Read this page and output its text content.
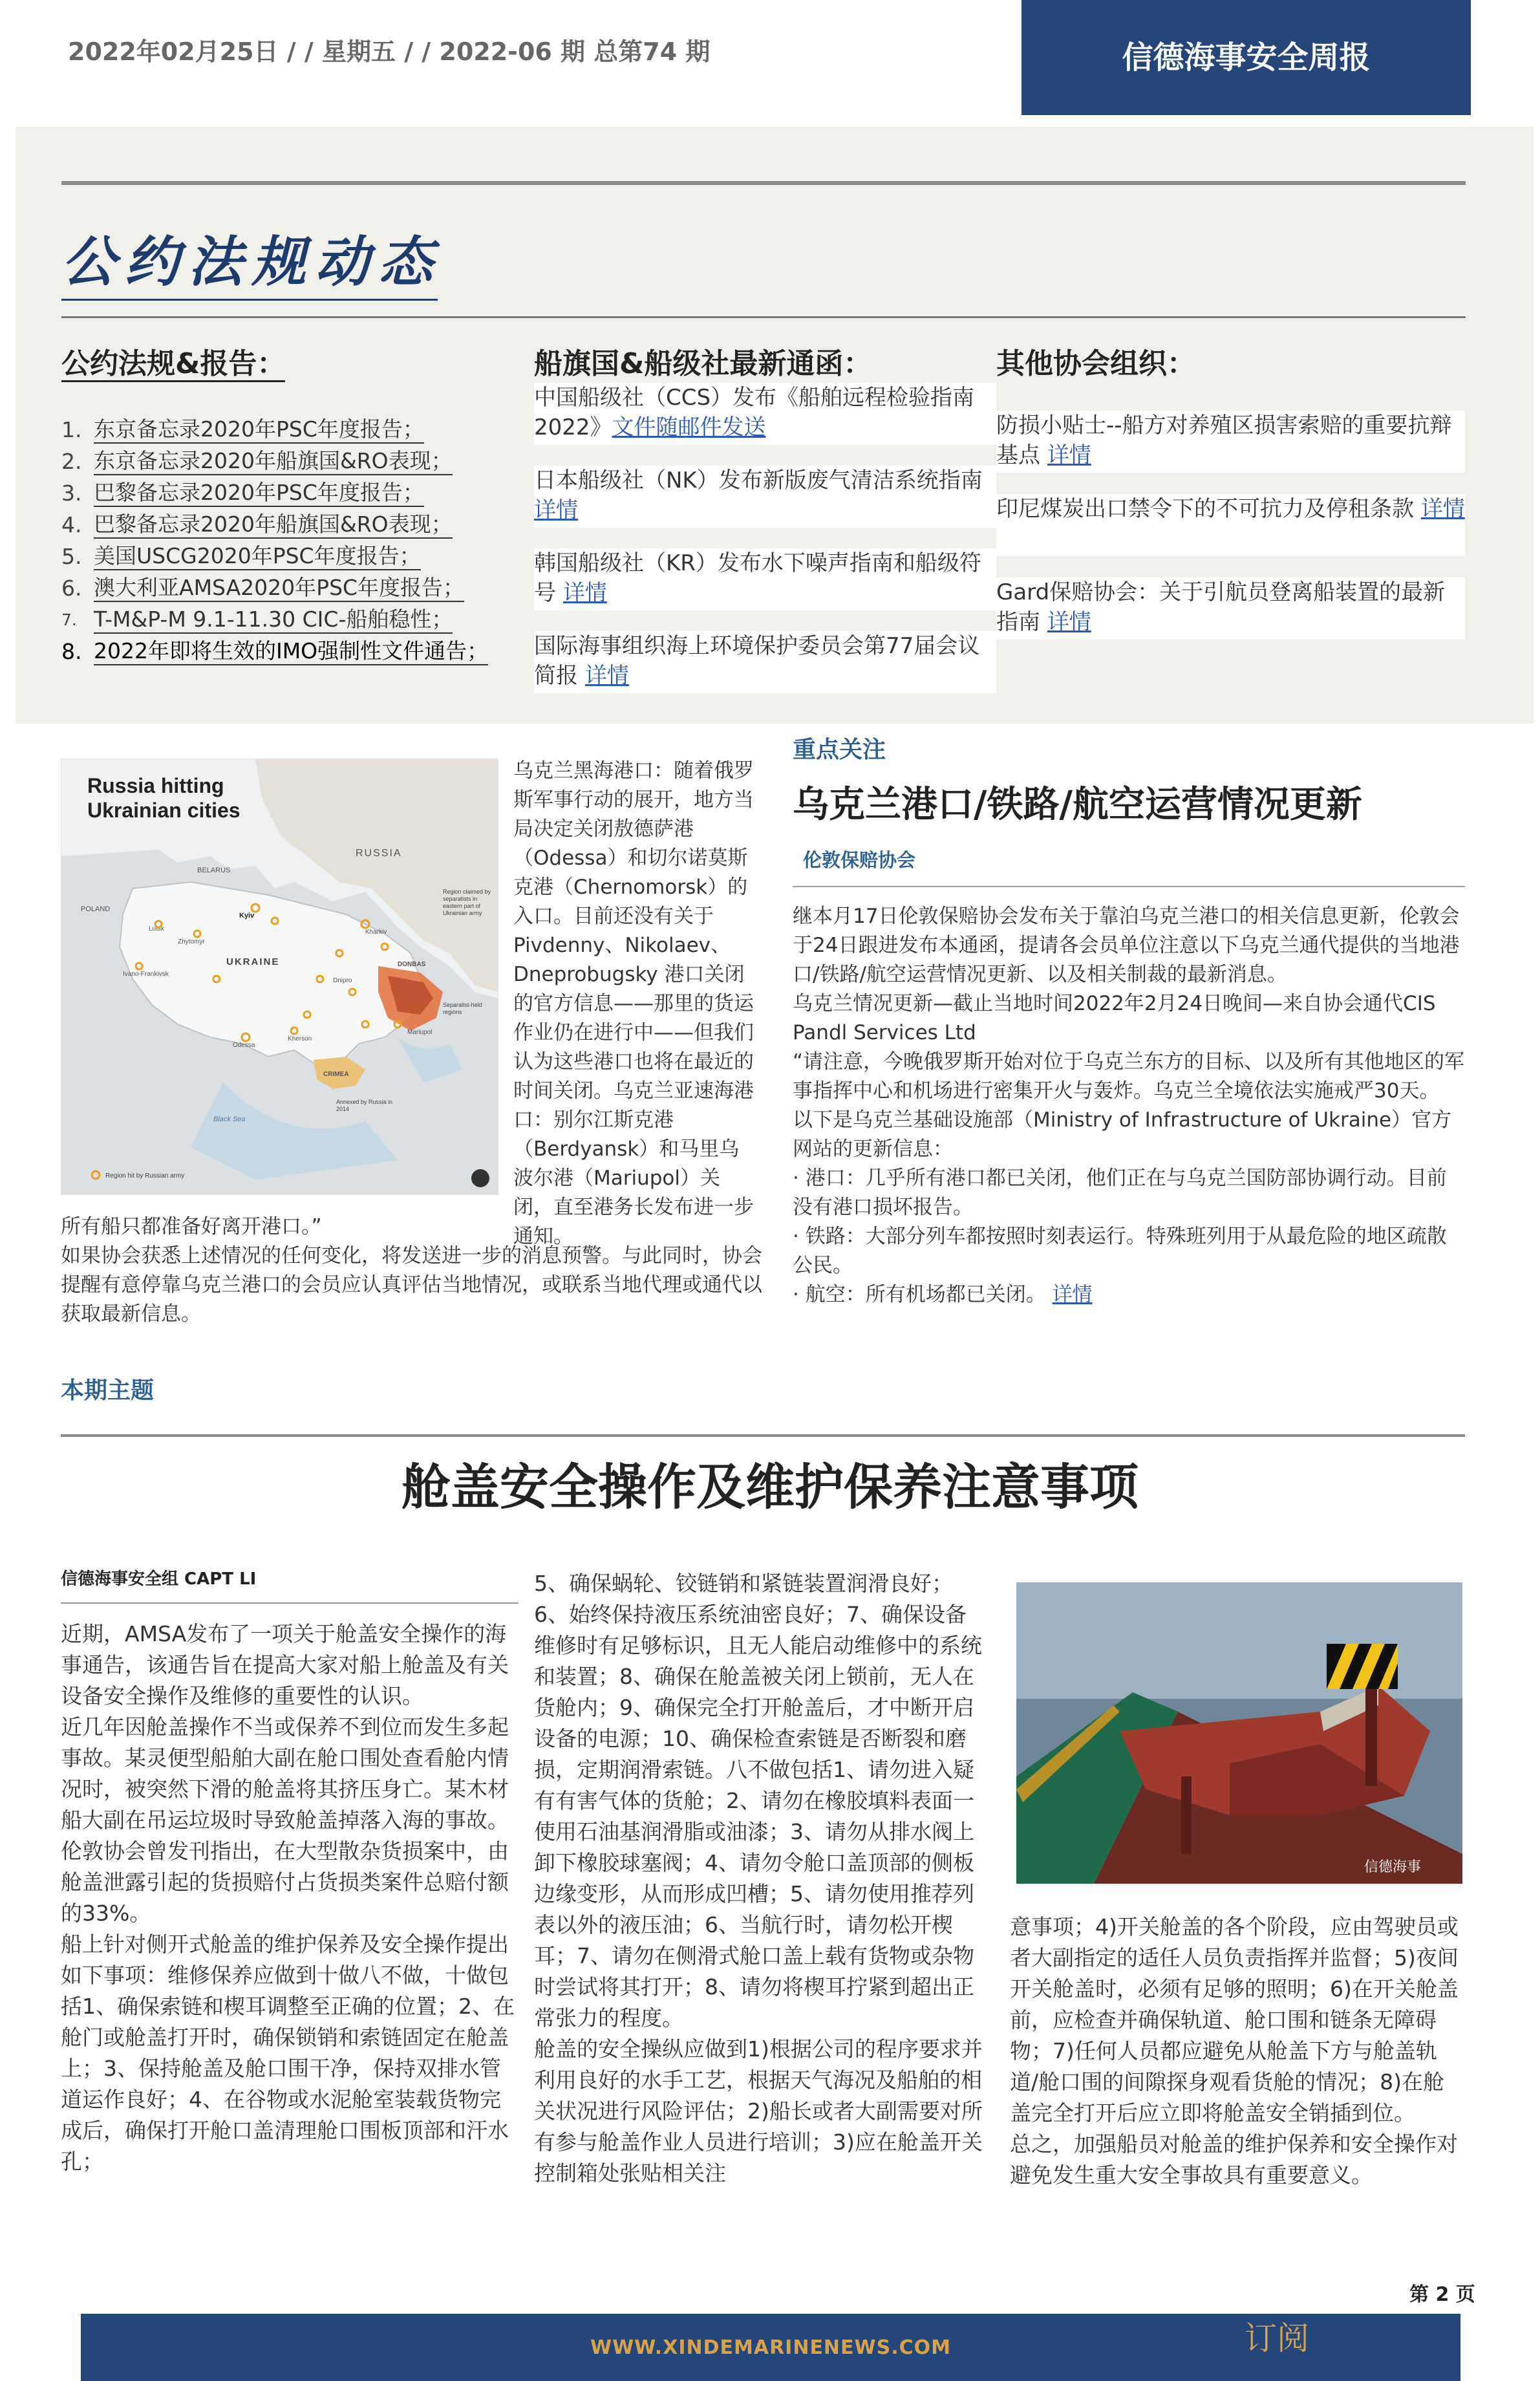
2022年02月25日 / / 星期五 / / 2022-06 期 总第74 期	信德海事安全周报
公约法规动态
公约法规&报告：
1. 东京备忘录2020年PSC年度报告；
2. 东京备忘录2020年船旗国&RO表现；
3. 巴黎备忘录2020年PSC年度报告；
4. 巴黎备忘录2020年船旗国&RO表现；
5. 美国USCG2020年PSC年度报告；
6. 澳大利亚AMSA2020年PSC年度报告；
7. T-M&P-M 9.1-11.30 CIC-船舶稳性；
8. 2022年即将生效的IMO强制性文件通告；
船旗国&船级社最新通函：
中国船级社（CCS）发布《船舶远程检验指南 2022》文件随邮件发送
日本船级社（NK）发布新版废气清洁系统指南 详情
韩国船级社（KR）发布水下噪声指南和船级符号 详情
国际海事组织海上环境保护委员会第77届会议简报 详情
其他协会组织：
防损小贴士--船方对养殖区损害索赔的重要抗辩基点 详情
印尼煤炭出口禁令下的不可抗力及停租条款 详情
Gard保赔协会：关于引航员登离船装置的最新指南 详情
Russia hitting
Ukrainian cities
RUSSIA
UKRAINE
POLAND
BELARUS
DONBAS
CRIMEA
Black Sea
Lutsk
Zhytomyr
Kyiv
Kharkiv
Ivano-Frankivsk
Odessa
Kherson
Mariupol
Dnipro
Region claimed by separatists in eastern part of Ukrainian army
Separatist-held regions
Annexed by Russia in 2014
Region hit by Russian army
乌克兰黑海港口：随着俄罗斯军事行动的展开，地方当局决定关闭敖德萨港（Odessa）和切尔诺莫斯克港（Chernomorsk）的入口。目前还没有关于Pivdenny、Nikolaev、Dneprobugsky 港口关闭的官方信息——那里的货运作业仍在进行中——但我们认为这些港口也将在最近的时间关闭。乌克兰亚速海港口：别尔江斯克港（Berdyansk）和马里乌波尔港（Mariupol）关闭，直至港务长发布进一步通知。
所有船只都准备好离开港口。”
如果协会获悉上述情况的任何变化，将发送进一步的消息预警。与此同时，协会提醒有意停靠乌克兰港口的会员应认真评估当地情况，或联系当地代理或通代以获取最新信息。
重点关注
乌克兰港口/铁路/航空运营情况更新
伦敦保赔协会
继本月17日伦敦保赔协会发布关于靠泊乌克兰港口的相关信息更新，伦敦会于24日跟进发布本通函，提请各会员单位注意以下乌克兰通代提供的当地港口/铁路/航空运营情况更新、以及相关制裁的最新消息。
乌克兰情况更新—截止当地时间2022年2月24日晚间—来自协会通代CIS Pandl Services Ltd
“请注意，今晚俄罗斯开始对位于乌克兰东方的目标、以及所有其他地区的军事指挥中心和机场进行密集开火与轰炸。乌克兰全境依法实施戒严30天。
以下是乌克兰基础设施部（Ministry of Infrastructure of Ukraine）官方网站的更新信息：
· 港口：几乎所有港口都已关闭，他们正在与乌克兰国防部协调行动。目前没有港口损坏报告。
· 铁路：大部分列车都按照时刻表运行。特殊班列用于从最危险的地区疏散公民。
· 航空：所有机场都已关闭。 详情
本期主题
舱盖安全操作及维护保养注意事项
信德海事安全组 CAPT LI
近期，AMSA发布了一项关于舱盖安全操作的海事通告，该通告旨在提高大家对船上舱盖及有关设备安全操作及维修的重要性的认识。
近几年因舱盖操作不当或保养不到位而发生多起事故。某灵便型船舶大副在舱口围处查看舱内情况时，被突然下滑的舱盖将其挤压身亡。某木材船大副在吊运垃圾时导致舱盖掉落入海的事故。伦敦协会曾发刊指出，在大型散杂货损案中，由舱盖泄露引起的货损赔付占货损类案件总赔付额的33%。
船上针对侧开式舱盖的维护保养及安全操作提出如下事项：维修保养应做到十做八不做，十做包括1、确保索链和楔耳调整至正确的位置；2、在舱门或舱盖打开时，确保锁销和索链固定在舱盖上；3、保持舱盖及舱口围干净，保持双排水管道运作良好；4、在谷物或水泥舱室装载货物完成后，确保打开舱口盖清理舱口围板顶部和汗水孔；
5、确保蜗轮、铰链销和紧链装置润滑良好；6、始终保持液压系统油密良好；7、确保设备维修时有足够标识，且无人能启动维修中的系统和装置；8、确保在舱盖被关闭上锁前，无人在货舱内；9、确保完全打开舱盖后，才中断开启设备的电源；10、确保检查索链是否断裂和磨损，定期润滑索链。八不做包括1、请勿进入疑有有害气体的货舱；2、请勿在橡胶填料表面一使用石油基润滑脂或油漆；3、请勿从排水阀上卸下橡胶球塞阀；4、请勿令舱口盖顶部的侧板边缘变形，从而形成凹槽；5、请勿使用推荐列表以外的液压油；6、当航行时，请勿松开楔耳；7、请勿在侧滑式舱口盖上载有货物或杂物时尝试将其打开；8、请勿将楔耳拧紧到超出正常张力的程度。
舱盖的安全操纵应做到1)根据公司的程序要求并利用良好的水手工艺，根据天气海况及船舶的相关状况进行风险评估；2)船长或者大副需要对所有参与舱盖作业人员进行培训；3)应在舱盖开关控制箱处张贴相关注
信德海事
意事项；4)开关舱盖的各个阶段，应由驾驶员或者大副指定的适任人员负责指挥并监督；5)夜间开关舱盖时，必须有足够的照明；6)在开关舱盖前，应检查并确保轨道、舱口围和链条无障碍物；7)任何人员都应避免从舱盖下方与舱盖轨道/舱口围的间隙探身观看货舱的情况；8)在舱盖完全打开后应立即将舱盖安全销插到位。
总之，加强船员对舱盖的维护保养和安全操作对避免发生重大安全事故具有重要意义。
第 2 页
WWW.XINDEMARINENEWS.COM	订阅
